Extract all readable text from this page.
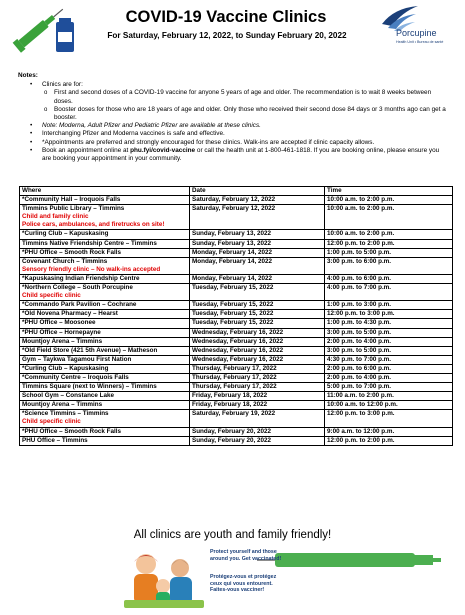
COVID-19 Vaccine Clinics
For Saturday, February 12, 2022, to Sunday February 20, 2022	Porcupine
Health Unit • Bureau de santé
Notes:
• Clinics are for:
o First and second doses of a COVID-19 vaccine for anyone 5 years of age and older. The recommendation is to wait 8 weeks between doses.
o Booster doses for those who are 18 years of age and older. Only those who received their second dose 84 days or 3 months ago can get a booster.
• Note: Moderna, Adult Pfizer and Pediatric Pfizer are available at these clinics.
• Interchanging Pfizer and Moderna vaccines is safe and effective.
• *Appointments are preferred and strongly encouraged for these clinics. Walk-ins are accepted if clinic capacity allows.
• Book an appointment online at phu.fyi/covid-vaccine or call the health unit at 1-800-461-1818. If you are booking online, please ensure you are booking your appointment in your community.
Where	Date	Time

*Community Hall – Iroquois Falls	Saturday, February 12, 2022	10:00 a.m. to 2:00 p.m.

Timmins Public Library – Timmins
Child and family clinic
Police cars, ambulances, and firetrucks on site!	Saturday, February 12, 2022	10:00 a.m. to 2:00 p.m.

*Curling Club – Kapuskasing	Sunday, February 13, 2022	10:00 a.m. to 2:00 p.m.

Timmins Native Friendship Centre – Timmins	Sunday, February 13, 2022	12:00 p.m. to 2:00 p.m.

*PHU Office – Smooth Rock Falls	Monday, February 14, 2022	1:00 p.m. to 5:00 p.m.

Covenant Church – Timmins
Sensory friendly clinic – No walk-ins accepted	Monday, February 14, 2022	3:00 p.m. to 6:00 p.m.

*Kapuskasing Indian Friendship Centre	Monday, February 14, 2022	4:00 p.m. to 6:00 p.m.

*Northern College – South Porcupine
Child specific clinic	Tuesday, February 15, 2022	4:00 p.m. to 7:00 p.m.

*Commando Park Pavilion – Cochrane	Tuesday, February 15, 2022	1:00 p.m. to 3:00 p.m.

*Old Novena Pharmacy – Hearst	Tuesday, February 15, 2022	12:00 p.m. to 3:00 p.m.

*PHU Office – Moosonee	Tuesday, February 15, 2022	1:00 p.m. to 4:30 p.m.

*PHU Office – Hornepayne	Wednesday, February 16, 2022	3:00 p.m. to 5:00 p.m.

Mountjoy Arena – Timmins	Wednesday, February 16, 2022	2:00 p.m. to 4:00 p.m.

*Old Field Store (421 5th Avenue) – Matheson	Wednesday, February 16, 2022	3:00 p.m. to 5:00 p.m.

Gym – Taykwa Tagamou First Nation	Wednesday, February 16, 2022	4:30 p.m. to 7:00 p.m.

*Curling Club – Kapuskasing	Thursday, February 17, 2022	2:00 p.m. to 6:00 p.m.

*Community Centre – Iroquois Falls	Thursday, February 17, 2022	2:00 p.m. to 4:00 p.m.

Timmins Square (next to Winners) – Timmins	Thursday, February 17, 2022	5:00 p.m. to 7:00 p.m.

School Gym – Constance Lake	Friday, February 18, 2022	11:00 a.m. to 2:00 p.m.

Mountjoy Arena – Timmins	Friday, February 18, 2022	10:00 a.m. to 12:00 p.m.

*Science Timmins – Timmins
Child specific clinic	Saturday, February 19, 2022	12:00 p.m. to 3:00 p.m.

*PHU Office – Smooth Rock Falls	Sunday, February 20, 2022	9:00 a.m. to 12:00 p.m.

PHU Office – Timmins	Sunday, February 20, 2022	12:00 p.m. to 2:00 p.m.
All clinics are youth and family friendly!
Protect yourself and those
around you. Get vaccinated!
Protégez-vous et protégez
ceux qui vous entourent.
Faites-vous vacciner!
